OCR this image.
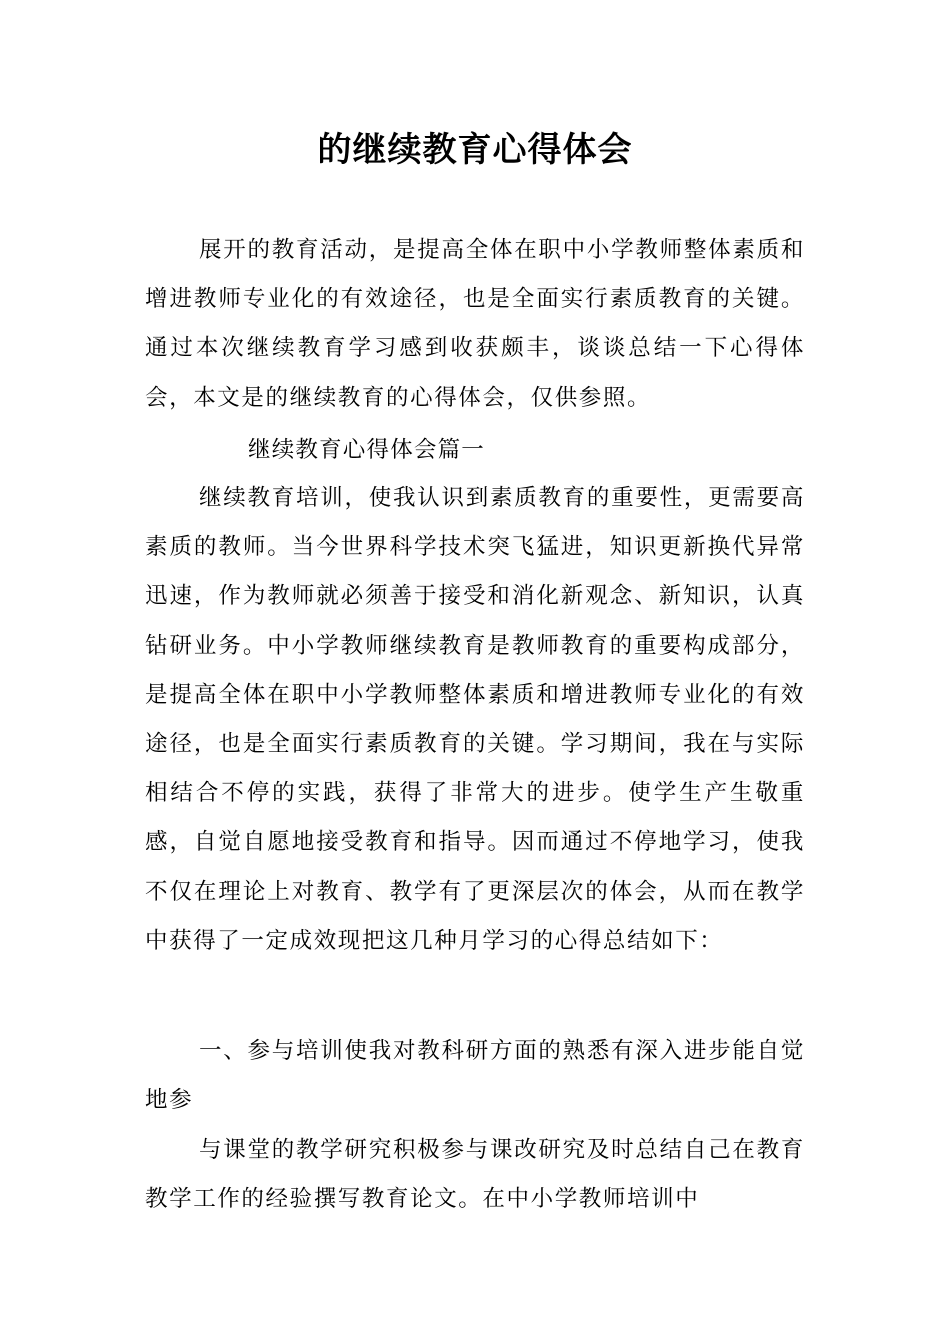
的继续教育心得体会
展开的教育活动，是提高全体在职中小学教师整体素质和增进教师专业化的有效途径，也是全面实行素质教育的关键。通过本次继续教育学习感到收获颇丰，谈谈总结一下心得体会，本文是的继续教育的心得体会，仅供参照。
继续教育心得体会篇一
继续教育培训，使我认识到素质教育的重要性，更需要高素质的教师。当今世界科学技术突飞猛进，知识更新换代异常迅速，作为教师就必须善于接受和消化新观念、新知识，认真钻研业务。中小学教师继续教育是教师教育的重要构成部分，是提高全体在职中小学教师整体素质和增进教师专业化的有效途径，也是全面实行素质教育的关键。学习期间，我在与实际相结合不停的实践，获得了非常大的进步。使学生产生敬重感，自觉自愿地接受教育和指导。因而通过不停地学习，使我不仅在理论上对教育、教学有了更深层次的体会，从而在教学中获得了一定成效现把这几种月学习的心得总结如下：
一、参与培训使我对教科研方面的熟悉有深入进步能自觉地参
与课堂的教学研究积极参与课改研究及时总结自己在教育教学工作的经验撰写教育论文。在中小学教师培训中
